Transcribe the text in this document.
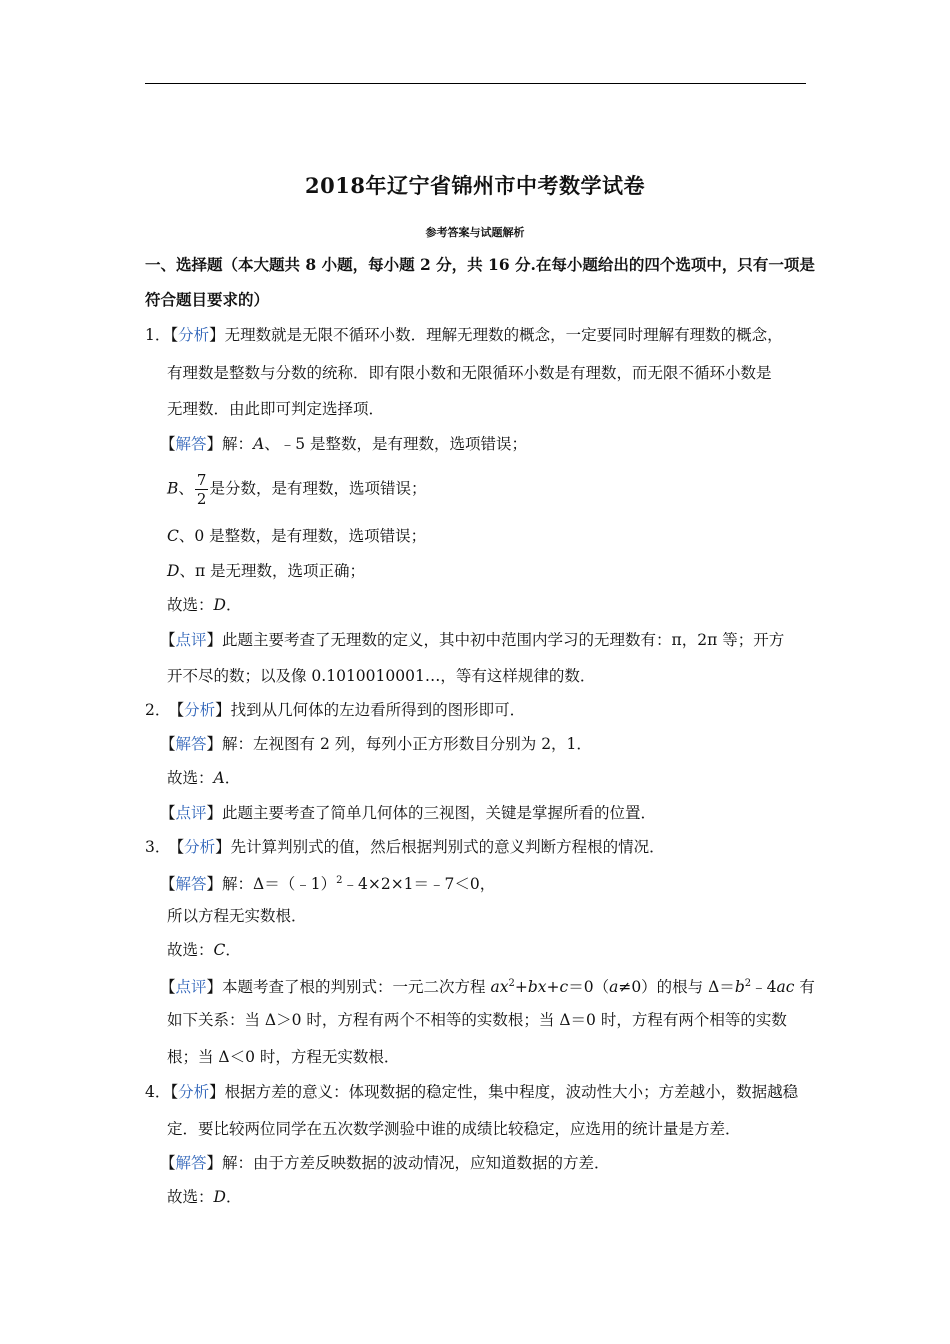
2018年辽宁省锦州市中考数学试卷
参考答案与试题解析
一、选择题（本大题共 8 小题，每小题 2 分，共 16 分.在每小题给出的四个选项中，只有一项是
符合题目要求的）
1．【分析】无理数就是无限不循环小数．理解无理数的概念，一定要同时理解有理数的概念，
有理数是整数与分数的统称．即有限小数和无限循环小数是有理数，而无限不循环小数是
无理数．由此即可判定选择项．
【解答】解：A、﹣5 是整数，是有理数，选项错误；
B、 $\frac{7}{2}$ 是分数，是有理数，选项错误；
C、0 是整数，是有理数，选项错误；
D、π 是无理数，选项正确；
故选：D．
【点评】此题主要考查了无理数的定义，其中初中范围内学习的无理数有：π，2π 等；开方
开不尽的数；以及像 0.1010010001…，等有这样规律的数．
2． 【分析】找到从几何体的左边看所得到的图形即可．
【解答】解：左视图有 2 列，每列小正方形数目分别为 2，1．
故选：A．
【点评】此题主要考查了简单几何体的三视图，关键是掌握所看的位置．
3． 【分析】先计算判别式的值，然后根据判别式的意义判断方程根的情况．
【解答】解：Δ＝（﹣1）$^2$﹣4×2×1＝﹣7＜0，
所以方程无实数根．
故选：C．
【点评】本题考查了根的判别式：一元二次方程 $ax^2+bx+c=0(a\ne 0)$的根与 $\Delta=b^2﹣4ac$ 有
如下关系：当 Δ＞0 时，方程有两个不相等的实数根；当 Δ＝0 时，方程有两个相等的实数
根；当 Δ＜0 时，方程无实数根．
4．【分析】根据方差的意义：体现数据的稳定性，集中程度，波动性大小；方差越小，数据越稳
定．要比较两位同学在五次数学测验中谁的成绩比较稳定，应选用的统计量是方差．
【解答】解：由于方差反映数据的波动情况，应知道数据的方差．
故选：D．
